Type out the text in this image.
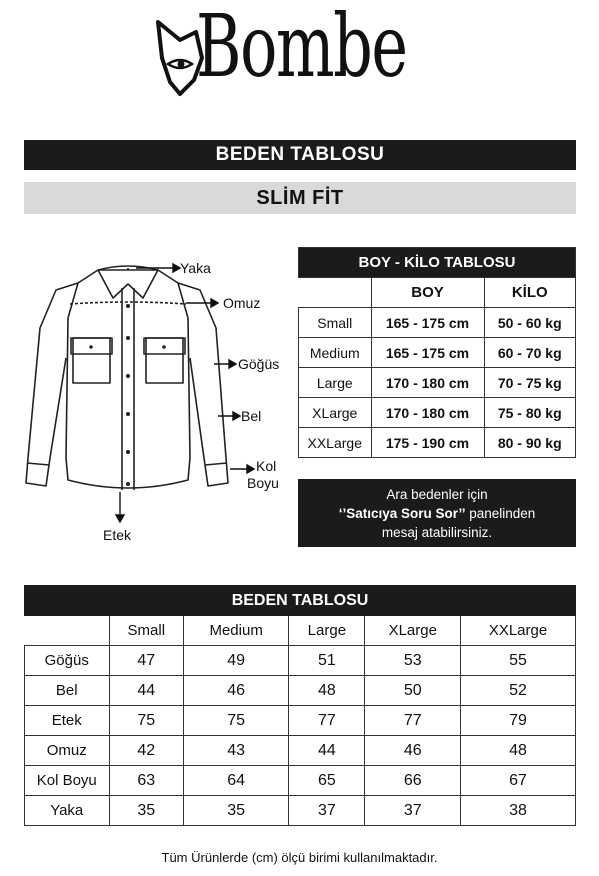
Bombe
BEDEN TABLOSU
SLİM FİT
Yaka
Omuz
Göğüs
Bel
Kol
Boyu
Etek
BOY - KİLO TABLOSU		
	BOY	KİLO
Small	165 - 175 cm	50 - 60 kg
Medium	165 - 175 cm	60 - 70 kg
Large	170 - 180 cm	70 - 75 kg
XLarge	170 - 180 cm	75 - 80 kg
XXLarge	175 - 190 cm	80 - 90 kg
Ara bedenler için
‘’Satıcıya Soru Sor’’ panelinden
mesaj atabilirsiniz.
BEDEN TABLOSU					
	Small	Medium	Large	XLarge	XXLarge
Göğüs	47	49	51	53	55
Bel	44	46	48	50	52
Etek	75	75	77	77	79
Omuz	42	43	44	46	48
Kol Boyu	63	64	65	66	67
Yaka	35	35	37	37	38
Tüm Ürünlerde (cm) ölçü birimi kullanılmaktadır.
